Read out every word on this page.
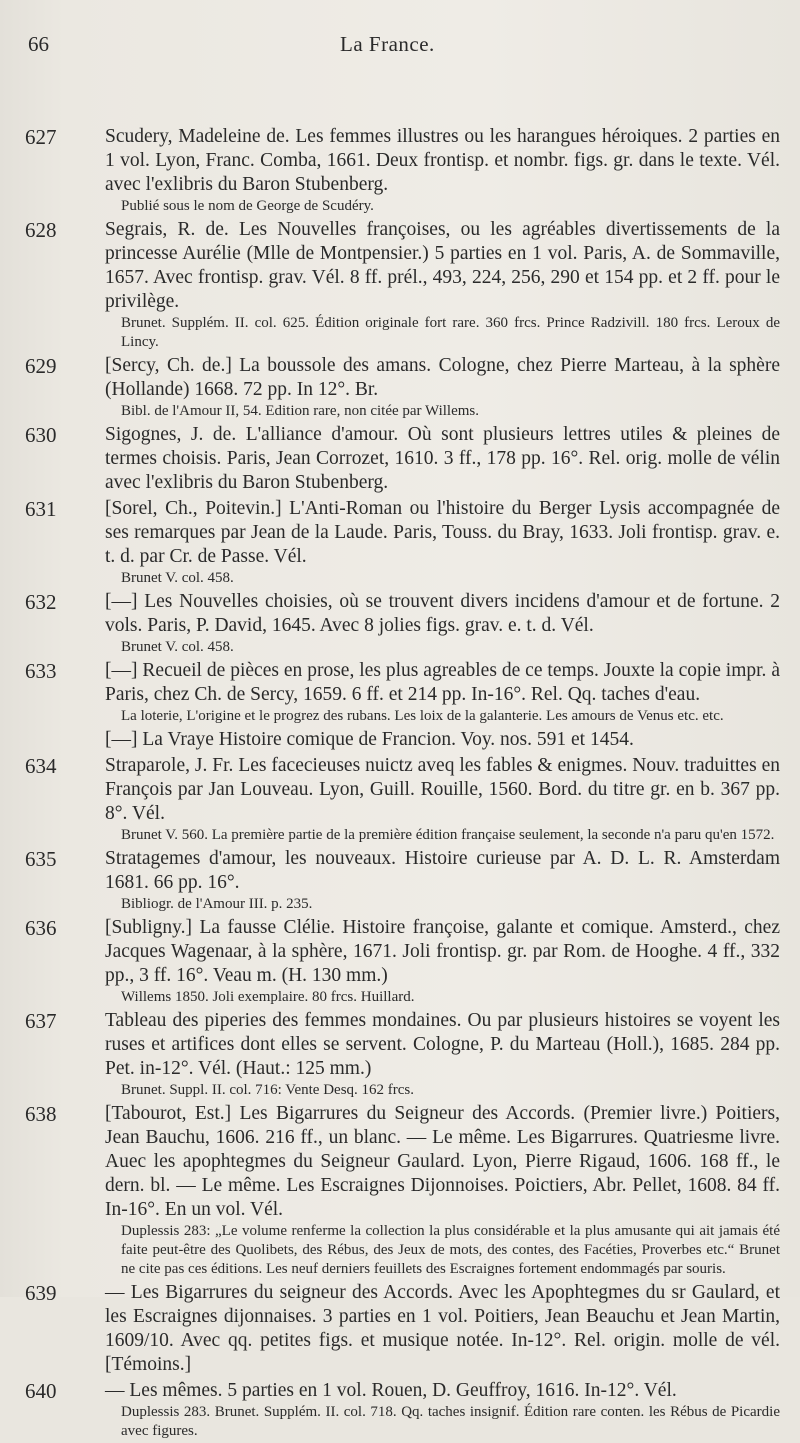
66	La France.
627 Scudery, Madeleine de. Les femmes illustres ou les harangues héroiques. 2 parties en 1 vol. Lyon, Franc. Comba, 1661. Deux frontisp. et nombr. figs. gr. dans le texte. Vél. avec l'exlibris du Baron Stubenberg.

Publié sous le nom de George de Scudéry.

628 Segrais, R. de. Les Nouvelles françoises, ou les agréables divertissements de la princesse Aurélie (Mlle de Montpensier.) 5 parties en 1 vol. Paris, A. de Sommaville, 1657. Avec frontisp. grav. Vél. 8 ff. prél., 493, 224, 256, 290 et 154 pp. et 2 ff. pour le privilège.

Brunet. Supplém. II. col. 625. Édition originale fort rare. 360 frcs. Prince Radzivill. 180 frcs. Leroux de Lincy.

629 [Sercy, Ch. de.] La boussole des amans. Cologne, chez Pierre Marteau, à la sphère (Hollande) 1668. 72 pp. In 12°. Br.

Bibl. de l'Amour II, 54. Edition rare, non citée par Willems.

630 Sigognes, J. de. L'alliance d'amour. Où sont plusieurs lettres utiles & pleines de termes choisis. Paris, Jean Corrozet, 1610. 3 ff., 178 pp. 16°. Rel. orig. molle de vélin avec l'exlibris du Baron Stubenberg.

631 [Sorel, Ch., Poitevin.] L'Anti-Roman ou l'histoire du Berger Lysis accompagnée de ses remarques par Jean de la Laude. Paris, Touss. du Bray, 1633. Joli frontisp. grav. e. t. d. par Cr. de Passe. Vél.

Brunet V. col. 458.

632 [—] Les Nouvelles choisies, où se trouvent divers incidens d'amour et de fortune. 2 vols. Paris, P. David, 1645. Avec 8 jolies figs. grav. e. t. d. Vél.

Brunet V. col. 458.

633 [—] Recueil de pièces en prose, les plus agreables de ce temps. Jouxte la copie impr. à Paris, chez Ch. de Sercy, 1659. 6 ff. et 214 pp. In-16°. Rel. Qq. taches d'eau.

La loterie, L'origine et le progrez des rubans. Les loix de la galanterie. Les amours de Venus etc. etc.

[—] La Vraye Histoire comique de Francion. Voy. nos. 591 et 1454.

634 Straparole, J. Fr. Les facecieuses nuictz aveq les fables & enigmes. Nouv. traduittes en François par Jan Louveau. Lyon, Guill. Rouille, 1560. Bord. du titre gr. en b. 367 pp. 8°. Vél.

Brunet V. 560. La première partie de la première édition française seulement, la seconde n'a paru qu'en 1572.

635 Stratagemes d'amour, les nouveaux. Histoire curieuse par A. D. L. R. Amsterdam 1681. 66 pp. 16°.

Bibliogr. de l'Amour III. p. 235.

636 [Subligny.] La fausse Clélie. Histoire françoise, galante et comique. Amsterd., chez Jacques Wagenaar, à la sphère, 1671. Joli frontisp. gr. par Rom. de Hooghe. 4 ff., 332 pp., 3 ff. 16°. Veau m. (H. 130 mm.)

Willems 1850. Joli exemplaire. 80 frcs. Huillard.

637 Tableau des piperies des femmes mondaines. Ou par plusieurs histoires se voyent les ruses et artifices dont elles se servent. Cologne, P. du Marteau (Holl.), 1685. 284 pp. Pet. in-12°. Vél. (Haut.: 125 mm.)

Brunet. Suppl. II. col. 716: Vente Desq. 162 frcs.

638 [Tabourot, Est.] Les Bigarrures du Seigneur des Accords. (Premier livre.) Poitiers, Jean Bauchu, 1606. 216 ff., un blanc. — Le même. Les Bigarrures. Quatriesme livre. Auec les apophtegmes du Seigneur Gaulard. Lyon, Pierre Rigaud, 1606. 168 ff., le dern. bl. — Le même. Les Escraignes Dijonnoises. Poictiers, Abr. Pellet, 1608. 84 ff. In-16°. En un vol. Vél.

Duplessis 283: „Le volume renferme la collection la plus considérable et la plus amusante qui ait jamais été faite peut-être des Quolibets, des Rébus, des Jeux de mots, des contes, des Facéties, Proverbes etc.“ Brunet ne cite pas ces éditions. Les neuf derniers feuillets des Escraignes fortement endommagés par souris.

639 — Les Bigarrures du seigneur des Accords. Avec les Apophtegmes du sr Gaulard, et les Escraignes dijonnaises. 3 parties en 1 vol. Poitiers, Jean Beauchu et Jean Martin, 1609/10. Avec qq. petites figs. et musique notée. In-12°. Rel. origin. molle de vél. [Témoins.]

640 — Les mêmes. 5 parties en 1 vol. Rouen, D. Geuffroy, 1616. In-12°. Vél.

Duplessis 283. Brunet. Supplém. II. col. 718. Qq. taches insignif. Édition rare conten. les Rébus de Picardie avec figures.
